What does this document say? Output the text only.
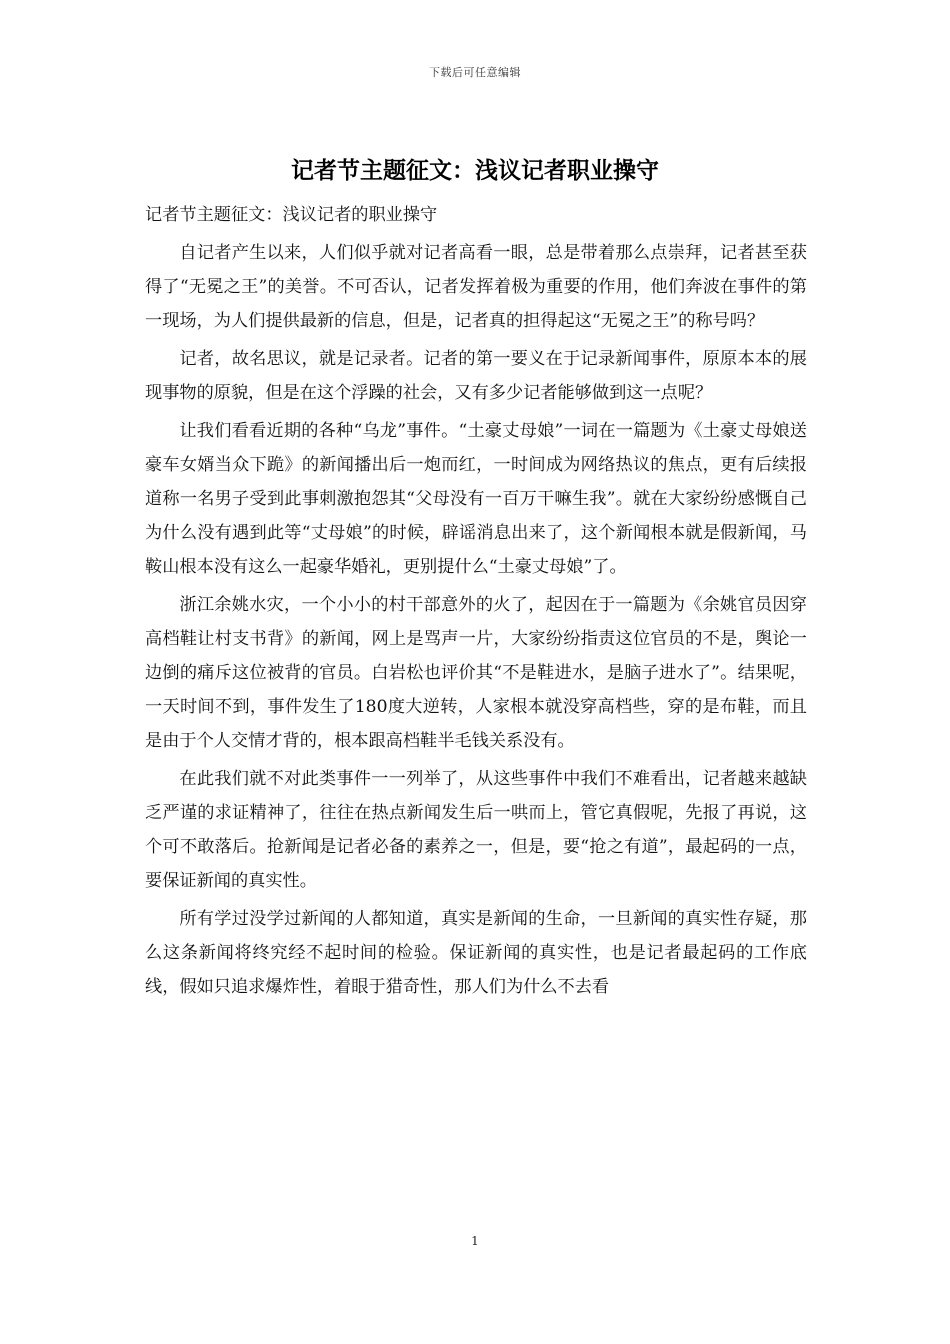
下载后可任意编辑
记者节主题征文：浅议记者职业操守

记者节主题征文：浅议记者的职业操守

自记者产生以来，人们似乎就对记者高看一眼，总是带着那么点崇拜，记者甚至获得了“无冕之王”的美誉。不可否认，记者发挥着极为重要的作用，他们奔波在事件的第一现场，为人们提供最新的信息，但是，记者真的担得起这“无冕之王”的称号吗？

记者，故名思议，就是记录者。记者的第一要义在于记录新闻事件，原原本本的展现事物的原貌，但是在这个浮躁的社会，又有多少记者能够做到这一点呢？

让我们看看近期的各种“乌龙”事件。“土豪丈母娘”一词在一篇题为《土豪丈母娘送豪车女婿当众下跪》的新闻播出后一炮而红，一时间成为网络热议的焦点，更有后续报道称一名男子受到此事刺激抱怨其“父母没有一百万干嘛生我”。就在大家纷纷感慨自己为什么没有遇到此等“丈母娘”的时候，辟谣消息出来了，这个新闻根本就是假新闻，马鞍山根本没有这么一起豪华婚礼，更别提什么“土豪丈母娘”了。

浙江余姚水灾，一个小小的村干部意外的火了，起因在于一篇题为《余姚官员因穿高档鞋让村支书背》的新闻，网上是骂声一片，大家纷纷指责这位官员的不是，舆论一边倒的痛斥这位被背的官员。白岩松也评价其“不是鞋进水，是脑子进水了”。结果呢，一天时间不到，事件发生了180度大逆转，人家根本就没穿高档些，穿的是布鞋，而且是由于个人交情才背的，根本跟高档鞋半毛钱关系没有。

在此我们就不对此类事件一一列举了，从这些事件中我们不难看出，记者越来越缺乏严谨的求证精神了，往往在热点新闻发生后一哄而上，管它真假呢，先报了再说，这个可不敢落后。抢新闻是记者必备的素养之一，但是，要“抢之有道”，最起码的一点，要保证新闻的真实性。

所有学过没学过新闻的人都知道，真实是新闻的生命，一旦新闻的真实性存疑，那么这条新闻将终究经不起时间的检验。保证新闻的真实性，也是记者最起码的工作底线，假如只追求爆炸性，着眼于猎奇性，那人们为什么不去看

1
